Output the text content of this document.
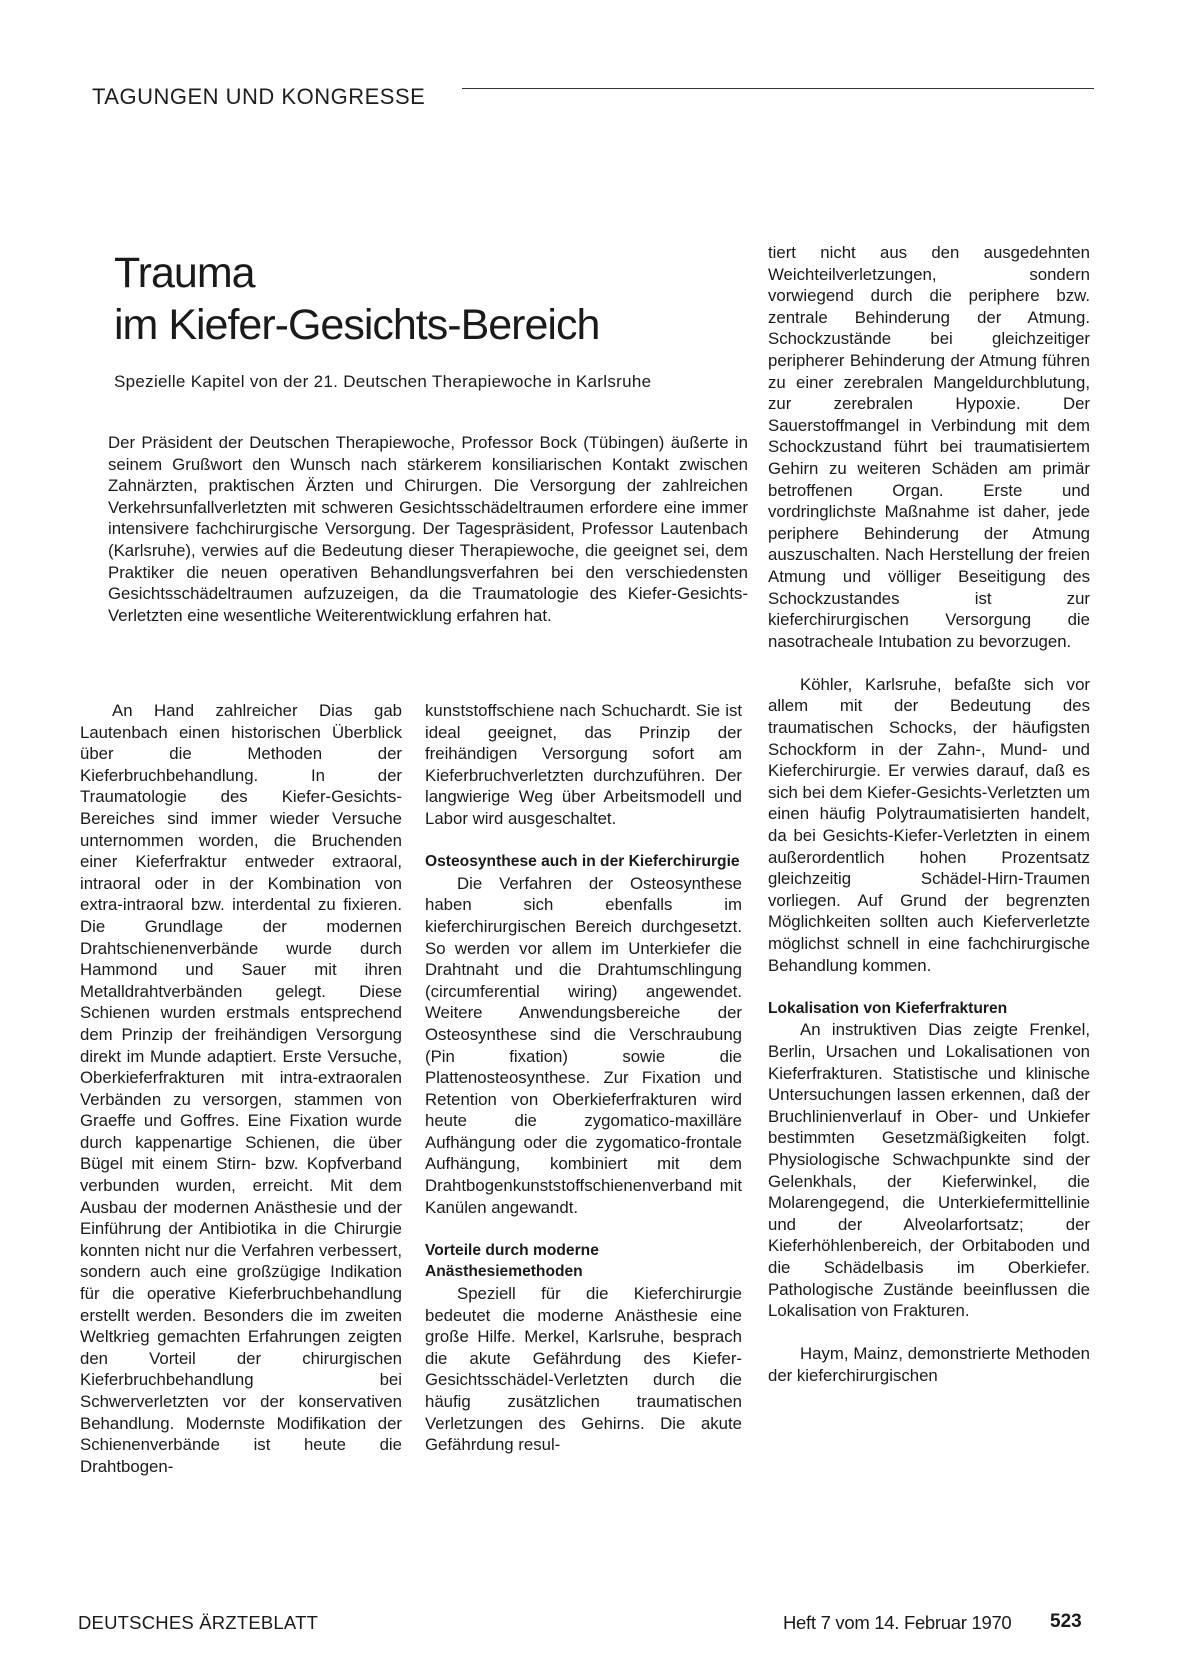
TAGUNGEN UND KONGRESSE
Trauma
im Kiefer-Gesichts-Bereich
Spezielle Kapitel von der 21. Deutschen Therapiewoche in Karlsruhe
Der Präsident der Deutschen Therapiewoche, Professor Bock (Tübingen) äußerte in seinem Grußwort den Wunsch nach stärkerem konsiliarischen Kontakt zwischen Zahnärzten, praktischen Ärzten und Chirurgen. Die Versorgung der zahlreichen Verkehrsunfallverletzten mit schweren Gesichtsschädeltraumen erfordere eine immer intensivere fachchirurgische Versorgung. Der Tagespräsident, Professor Lautenbach (Karlsruhe), verwies auf die Bedeutung dieser Therapiewoche, die geeignet sei, dem Praktiker die neuen operativen Behandlungsverfahren bei den verschiedensten Gesichtsschädeltraumen aufzuzeigen, da die Traumatologie des Kiefer-Gesichts-Verletzten eine wesentliche Weiterentwicklung erfahren hat.

An Hand zahlreicher Dias gab Lautenbach einen historischen Überblick über die Methoden der Kieferbruchbehandlung. In der Traumatologie des Kiefer-Gesichts-Bereiches sind immer wieder Versuche unternommen worden, die Bruchenden einer Kieferfraktur entweder extraoral, intraoral oder in der Kombination von extra-intraoral bzw. interdental zu fixieren. Die Grundlage der modernen Drahtschienenverbände wurde durch Hammond und Sauer mit ihren Metalldrahtverbänden gelegt. Diese Schienen wurden erstmals entsprechend dem Prinzip der freihändigen Versorgung direkt im Munde adaptiert. Erste Versuche, Oberkieferfrakturen mit intra-extraoralen Verbänden zu versorgen, stammen von Graeffe und Goffres. Eine Fixation wurde durch kappenartige Schienen, die über Bügel mit einem Stirn- bzw. Kopfverband verbunden wurden, erreicht. Mit dem Ausbau der modernen Anästhesie und der Einführung der Antibiotika in die Chirurgie konnten nicht nur die Verfahren verbessert, sondern auch eine großzügige Indikation für die operative Kieferbruchbehandlung erstellt werden. Besonders die im zweiten Weltkrieg gemachten Erfahrungen zeigten den Vorteil der chirurgischen Kieferbruchbehandlung bei Schwerverletzten vor der konservativen Behandlung. Modernste Modifikation der Schienenverbände ist heute die Drahtbogen-

kunststoffschiene nach Schuchardt. Sie ist ideal geeignet, das Prinzip der freihändigen Versorgung sofort am Kieferbruchverletzten durchzuführen. Der langwierige Weg über Arbeitsmodell und Labor wird ausgeschaltet.

Osteosynthese auch in der Kieferchirurgie

Die Verfahren der Osteosynthese haben sich ebenfalls im kieferchirurgischen Bereich durchgesetzt. So werden vor allem im Unterkiefer die Drahtnaht und die Drahtumschlingung (circumferential wiring) angewendet. Weitere Anwendungsbereiche der Osteosynthese sind die Verschraubung (Pin fixation) sowie die Plattenosteosynthese. Zur Fixation und Retention von Oberkieferfrakturen wird heute die zygomatico-maxilläre Aufhängung oder die zygomatico-frontale Aufhängung, kombiniert mit dem Drahtbogenkunststoffschienenverband mit Kanülen angewandt.

Vorteile durch moderne Anästhesiemethoden

Speziell für die Kieferchirurgie bedeutet die moderne Anästhesie eine große Hilfe. Merkel, Karlsruhe, besprach die akute Gefährdung des Kiefer-Gesichtsschädel-Verletzten durch die häufig zusätzlichen traumatischen Verletzungen des Gehirns. Die akute Gefährdung resul-

tiert nicht aus den ausgedehnten Weichteilverletzungen, sondern vorwiegend durch die periphere bzw. zentrale Behinderung der Atmung. Schockzustände bei gleichzeitiger peripherer Behinderung der Atmung führen zu einer zerebralen Mangeldurchblutung, zur zerebralen Hypoxie. Der Sauerstoffmangel in Verbindung mit dem Schockzustand führt bei traumatisiertem Gehirn zu weiteren Schäden am primär betroffenen Organ. Erste und vordringlichste Maßnahme ist daher, jede periphere Behinderung der Atmung auszuschalten. Nach Herstellung der freien Atmung und völliger Beseitigung des Schockzustandes ist zur kieferchirurgischen Versorgung die nasotracheale Intubation zu bevorzugen.

Köhler, Karlsruhe, befaßte sich vor allem mit der Bedeutung des traumatischen Schocks, der häufigsten Schockform in der Zahn-, Mund- und Kieferchirurgie. Er verwies darauf, daß es sich bei dem Kiefer-Gesichts-Verletzten um einen häufig Polytraumatisierten handelt, da bei Gesichts-Kiefer-Verletzten in einem außerordentlich hohen Prozentsatz gleichzeitig Schädel-Hirn-Traumen vorliegen. Auf Grund der begrenzten Möglichkeiten sollten auch Kieferverletzte möglichst schnell in eine fachchirurgische Behandlung kommen.

Lokalisation von Kieferfrakturen

An instruktiven Dias zeigte Frenkel, Berlin, Ursachen und Lokalisationen von Kieferfrakturen. Statistische und klinische Untersuchungen lassen erkennen, daß der Bruchlinienverlauf in Ober- und Unkiefer bestimmten Gesetzmäßigkeiten folgt. Physiologische Schwachpunkte sind der Gelenkhals, der Kieferwinkel, die Molarengegend, die Unterkiefermittellinie und der Alveolarfortsatz; der Kieferhöhlenbereich, der Orbitaboden und die Schädelbasis im Oberkiefer. Pathologische Zustände beeinflussen die Lokalisation von Frakturen.

Haym, Mainz, demonstrierte Methoden der kieferchirurgischen

DEUTSCHES ÄRZTEBLATT	Heft 7 vom 14. Februar 1970 523
